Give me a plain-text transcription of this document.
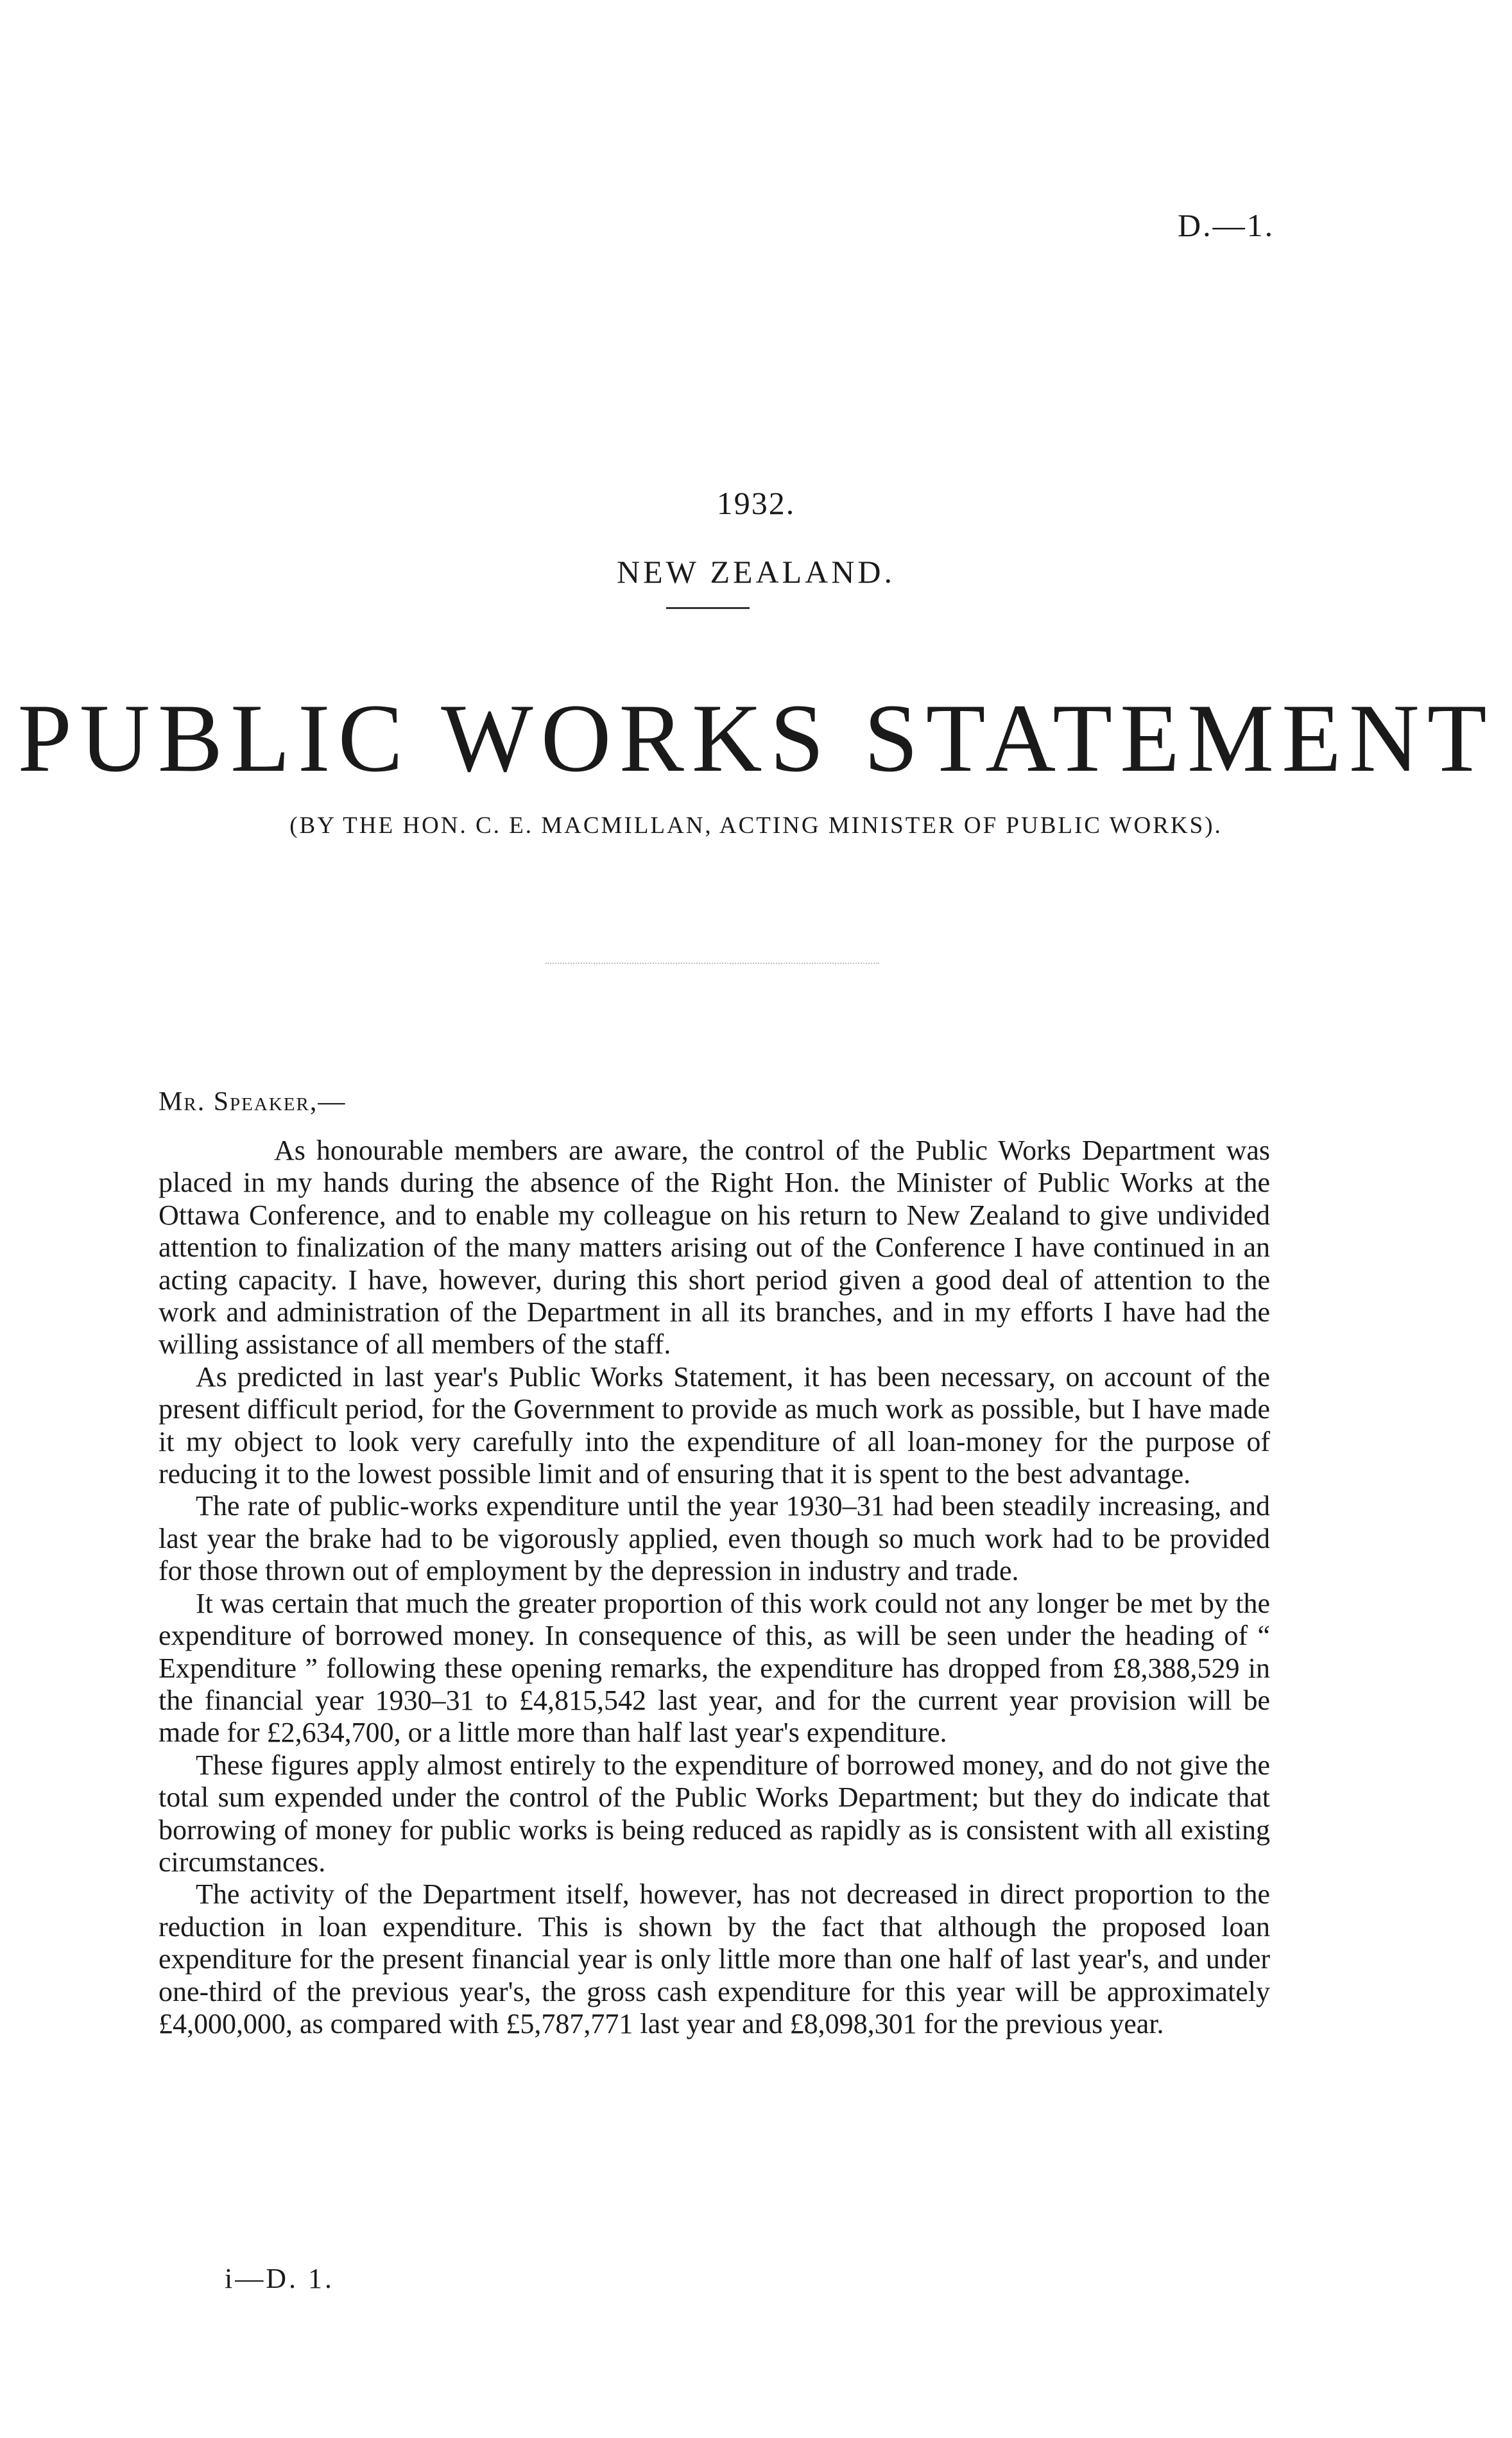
D.—1.
1932.
NEW ZEALAND.
PUBLIC WORKS STATEMENT
(BY THE HON. C. E. MACMILLAN, ACTING MINISTER OF PUBLIC WORKS).
Mr. Speaker,—

As honourable members are aware, the control of the Public Works Department was placed in my hands during the absence of the Right Hon. the Minister of Public Works at the Ottawa Conference, and to enable my colleague on his return to New Zealand to give undivided attention to finalization of the many matters arising out of the Conference I have continued in an acting capacity. I have, however, during this short period given a good deal of attention to the work and administration of the Department in all its branches, and in my efforts I have had the willing assistance of all members of the staff.

As predicted in last year's Public Works Statement, it has been necessary, on account of the present difficult period, for the Government to provide as much work as possible, but I have made it my object to look very carefully into the expenditure of all loan-money for the purpose of reducing it to the lowest possible limit and of ensuring that it is spent to the best advantage.

The rate of public-works expenditure until the year 1930–31 had been steadily increasing, and last year the brake had to be vigorously applied, even though so much work had to be provided for those thrown out of employment by the depression in industry and trade.

It was certain that much the greater proportion of this work could not any longer be met by the expenditure of borrowed money. In consequence of this, as will be seen under the heading of “ Expenditure ” following these opening remarks, the expenditure has dropped from £8,388,529 in the financial year 1930–31 to £4,815,542 last year, and for the current year provision will be made for £2,634,700, or a little more than half last year's expenditure.

These figures apply almost entirely to the expenditure of borrowed money, and do not give the total sum expended under the control of the Public Works Department; but they do indicate that borrowing of money for public works is being reduced as rapidly as is consistent with all existing circumstances.

The activity of the Department itself, however, has not decreased in direct proportion to the reduction in loan expenditure. This is shown by the fact that although the proposed loan expenditure for the present financial year is only little more than one half of last year's, and under one-third of the previous year's, the gross cash expenditure for this year will be approximately £4,000,000, as compared with £5,787,771 last year and £8,098,301 for the previous year.

i—D. 1.
